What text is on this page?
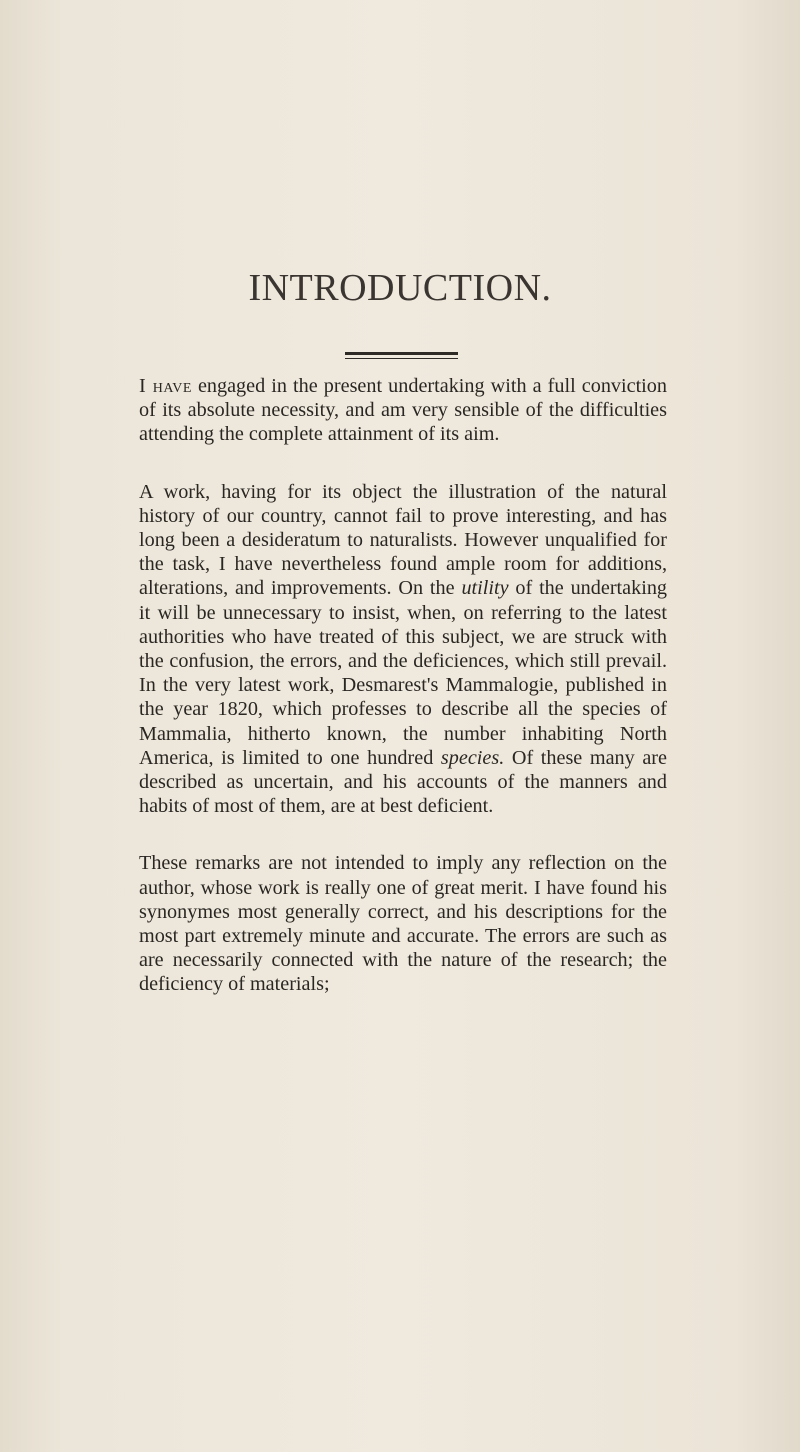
INTRODUCTION.

I have engaged in the present undertaking with a full conviction of its absolute necessity, and am very sensible of the difficulties attending the complete attainment of its aim.

A work, having for its object the illustration of the natural history of our country, cannot fail to prove interesting, and has long been a desideratum to naturalists. However unqualified for the task, I have nevertheless found ample room for additions, alterations, and improvements. On the utility of the undertaking it will be unnecessary to insist, when, on referring to the latest authorities who have treated of this subject, we are struck with the confusion, the errors, and the deficiences, which still prevail. In the very latest work, Desmarest's Mammalogie, published in the year 1820, which professes to describe all the species of Mammalia, hitherto known, the number inhabiting North America, is limited to one hundred species. Of these many are described as uncertain, and his accounts of the manners and habits of most of them, are at best deficient.

These remarks are not intended to imply any reflection on the author, whose work is really one of great merit. I have found his synonymes most generally correct, and his descriptions for the most part extremely minute and accurate. The errors are such as are necessarily connected with the nature of the research; the deficiency of materials;
